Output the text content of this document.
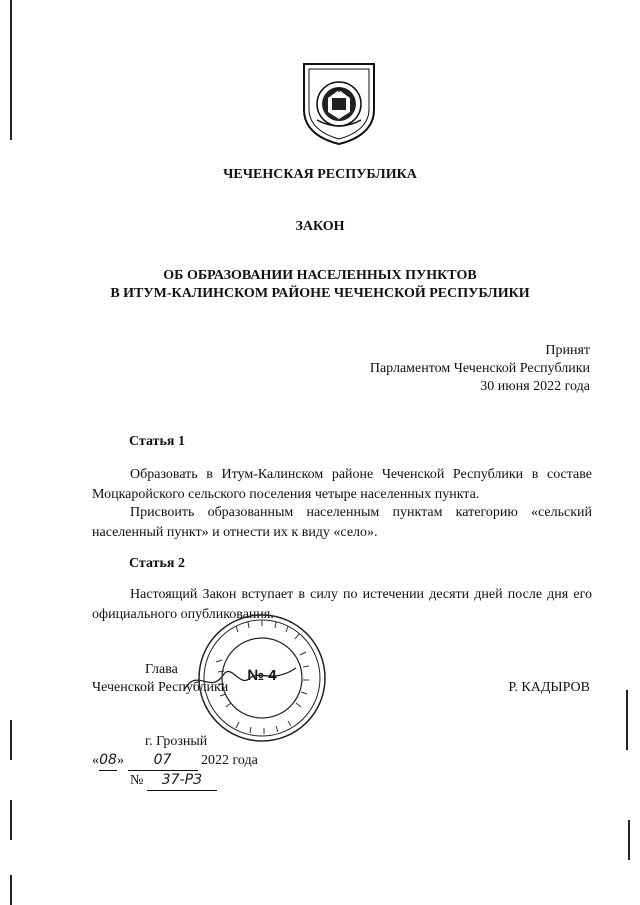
ЧЕЧЕНСКАЯ РЕСПУБЛИКА
ЗАКОН
ОБ ОБРАЗОВАНИИ НАСЕЛЕННЫХ ПУНКТОВ
В ИТУМ-КАЛИНСКОМ РАЙОНЕ ЧЕЧЕНСКОЙ РЕСПУБЛИКИ
Принят
Парламентом Чеченской Республики
30 июня 2022 года
Статья 1
Образовать в Итум-Калинском районе Чеченской Республики в составе Моцкаройского сельского поселения четыре населенных пункта.
Присвоить образованным населенным пунктам категорию «сельский населенный пункт» и отнести их к виду «село».
Статья 2
Настоящий Закон вступает в силу по истечении десяти дней после дня его официального опубликования.
Глава
Чеченской Республики	Р. КАДЫРОВ
№ 4
г. Грозный
«08» 07 2022 года
№ 37-РЗ
